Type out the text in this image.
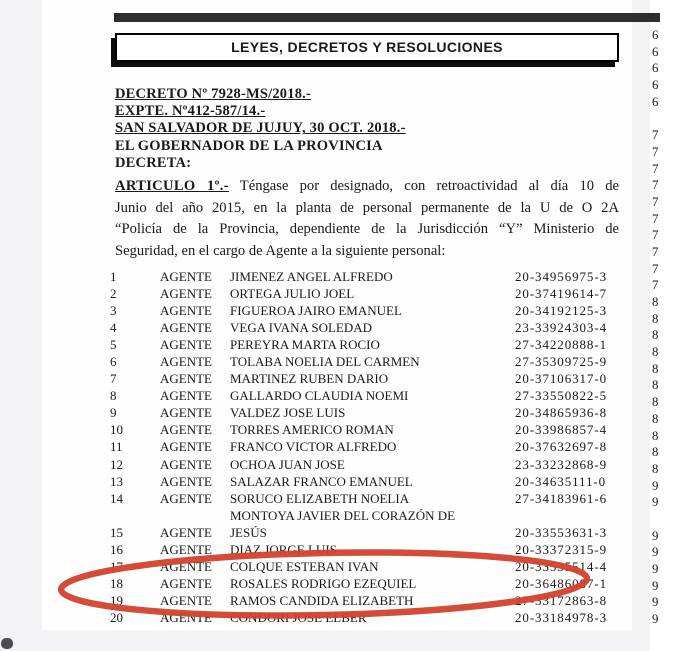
LEYES, DECRETOS Y RESOLUCIONES
DECRETO Nº 7928-MS/2018.-
EXPTE. Nº412-587/14.-
SAN SALVADOR DE JUJUY, 30 OCT. 2018.-
EL GOBERNADOR DE LA PROVINCIA
DECRETA:
ARTICULO 1º.- Téngase por designado, con retroactividad al día 10 de
Junio del año 2015, en la planta de personal permanente de la U de O 2A
“Policía de la Provincia, dependiente de la Jurisdicción “Y” Ministerio de
Seguridad, en el cargo de Agente a la siguiente personal:
1	AGENTE JIMENEZ ANGEL ALFREDO	20-34956975-3
2	AGENTE ORTEGA JULIO JOEL	20-37419614-7
3	AGENTE FIGUEROA JAIRO EMANUEL	20-34192125-3
4	AGENTE VEGA IVANA SOLEDAD	23-33924303-4
5	AGENTE PEREYRA MARTA ROCIO	27-34220888-1
6	AGENTE TOLABA NOELIA DEL CARMEN	27-35309725-9
7	AGENTE MARTINEZ RUBEN DARIO	20-37106317-0
8	AGENTE GALLARDO CLAUDIA NOEMI	27-33550822-5
9	AGENTE VALDEZ JOSE LUIS	20-34865936-8
10	AGENTE TORRES AMERICO ROMAN	20-33986857-4
11	AGENTE FRANCO VICTOR ALFREDO	20-37632697-8
12	AGENTE OCHOA JUAN JOSE	23-33232868-9
13	AGENTE SALAZAR FRANCO EMANUEL	20-34635111-0
14	AGENTE SORUCO ELIZABETH NOELIA	27-34183961-6
MONTOYA JAVIER DEL CORAZÓN DE
15	AGENTE JESÚS	20-33553631-3
16	AGENTE DIAZ JORGE LUIS	20-33372315-9
17	AGENTE COLQUE ESTEBAN IVAN	20-33535514-4
18	AGENTE ROSALES RODRIGO EZEQUIEL	20-36486087-1
19	AGENTE RAMOS CANDIDA ELIZABETH	27-33172863-8
20	AGENTE CONDORI JOSE ELBER	20-33184978-3
6
6
6
6
6
7
7
7
7
7
7
7
7
7
7
8
8
8
8
8
8
8
8
8
8
8
9
9
9
9
9
9
9
9
